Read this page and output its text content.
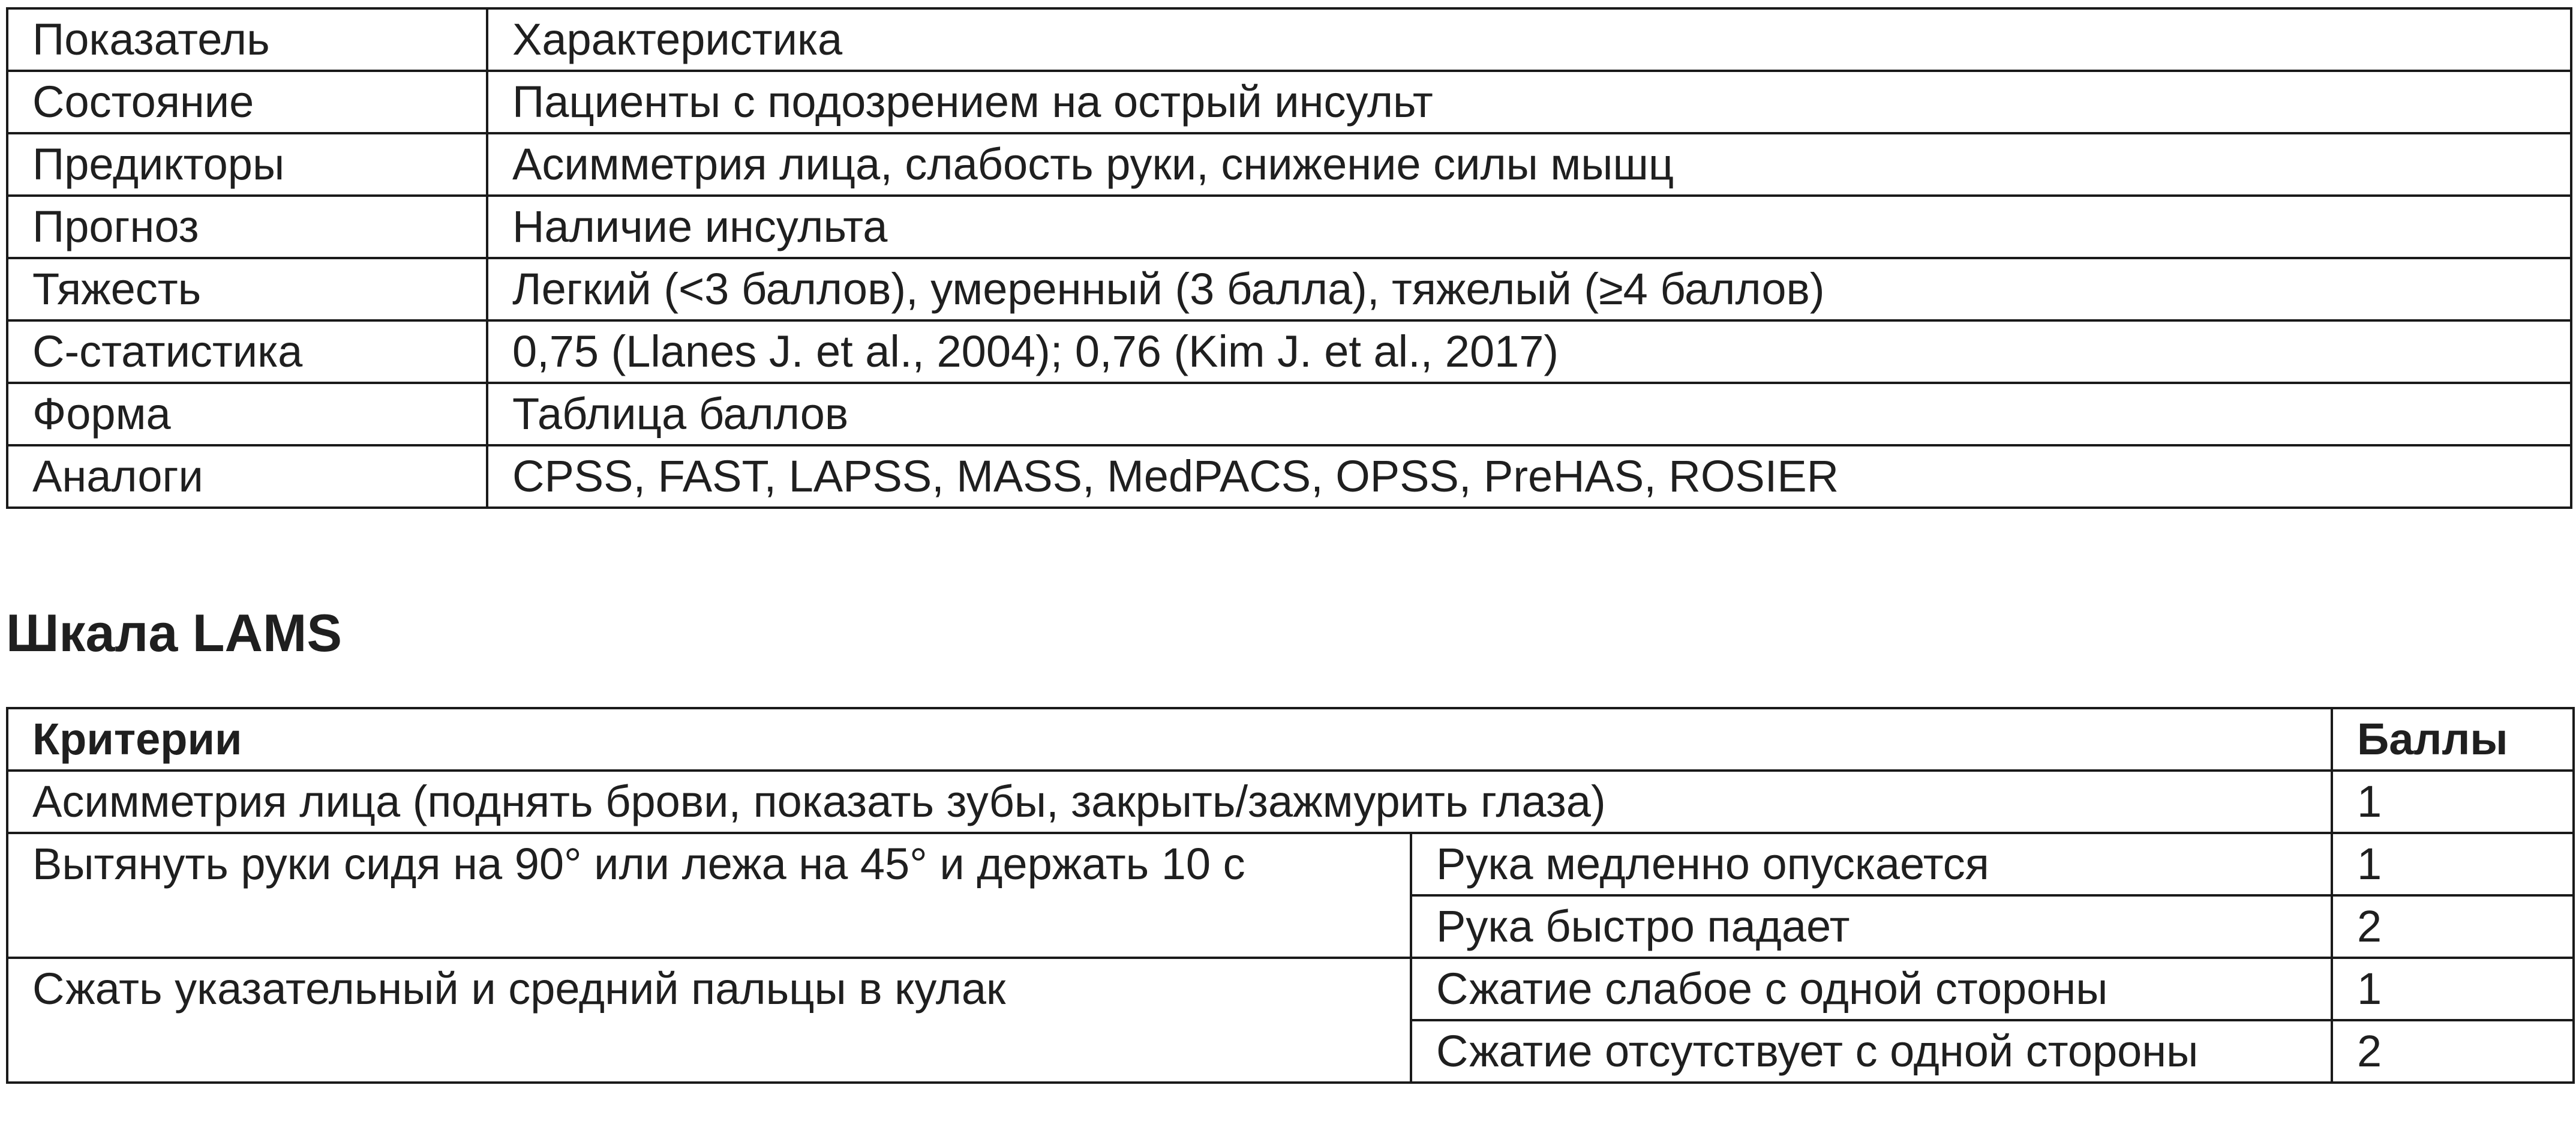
Показатель	Характеристика
Состояние	Пациенты с подозрением на острый инсульт
Предикторы	Асимметрия лица, слабость руки, снижение силы мышц
Прогноз	Наличие инсульта
Тяжесть	Легкий (<3 баллов), умеренный (3 балла), тяжелый (≥4 баллов)
С-статистика	0,75 (Llanes J. et al., 2004); 0,76 (Kim J. et al., 2017)
Форма	Таблица баллов
Аналоги	CPSS, FAST, LAPSS, MASS, MedPACS, OPSS, PreHAS, ROSIER
Шкала LAMS
Критерии		Баллы
Асимметрия лица (поднять брови, показать зубы, закрыть/зажмурить глаза)		1
Вытянуть руки сидя на 90° или лежа на 45° и держать 10 с	Рука медленно опускается	1
	Рука быстро падает	2
Сжать указательный и средний пальцы в кулак	Сжатие слабое с одной стороны	1
	Сжатие отсутствует с одной стороны	2
